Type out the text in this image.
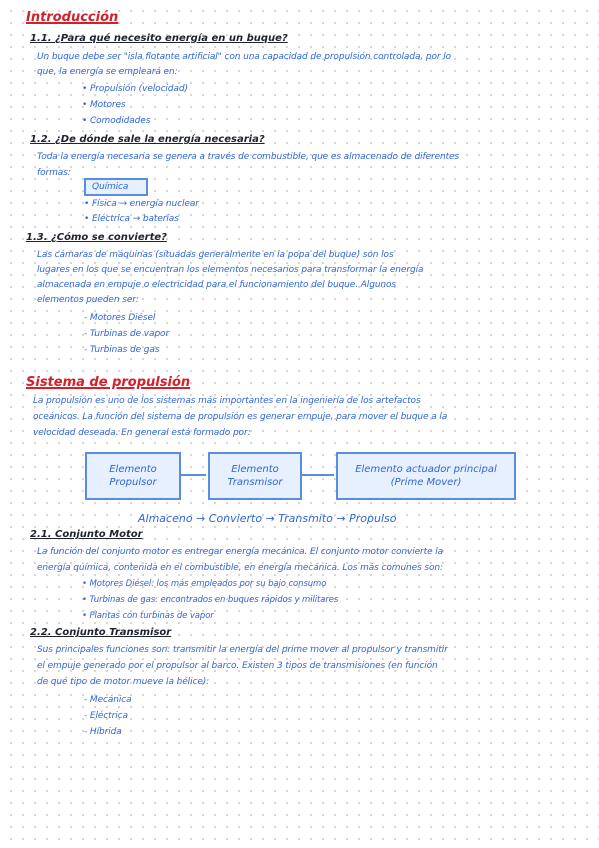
Introducción
1.1. ¿Para qué necesito energía en un buque?
Un buque debe ser "isla flotante artificial" con una capacidad de propulsión controlada, por lo
que, la energía se empleará en:
• Propulsión (velocidad)
• Motores
• Comodidades
1.2. ¿De dónde sale la energía necesaria?
Toda la energía necesaria se genera a través de combustible, que es almacenado de diferentes
formas:
Química
• Física → energía nuclear
• Eléctrica → baterías
1.3. ¿Cómo se convierte?
Las cámaras de máquinas (situadas generalmente en la popa del buque) son los
lugares en los que se encuentran los elementos necesarios para transformar la energía
almacenada en empuje o electricidad para el funcionamiento del buque. Algunos
elementos pueden ser:
- Motores Diésel
- Turbinas de vapor
- Turbinas de gas
Sistema de propulsión
La propulsión es uno de los sistemas más importantes en la ingeniería de los artefactos
oceánicos. La función del sistema de propulsión es generar empuje, para mover el buque a la
velocidad deseada. En general está formado por:
Elemento Propulsor
Elemento Transmisor
Elemento actuador principal (Prime Mover)
Almaceno → Convierto → Transmito → Propulso
2.1. Conjunto Motor
La función del conjunto motor es entregar energía mecánica. El conjunto motor convierte la
energía química, contenida en el combustible, en energía mecánica. Los más comunes son:
• Motores Diésel: los más empleados por su bajo consumo
• Turbinas de gas: encontrados en buques rápidos y militares
• Plantas con turbinas de vapor
2.2. Conjunto Transmisor
Sus principales funciones son: transmitir la energía del prime mover al propulsor y transmitir
el empuje generado por el propulsor al barco. Existen 3 tipos de transmisiones (en función
de qué tipo de motor mueve la hélice):
- Mecánica
- Eléctrica
- Híbrida
